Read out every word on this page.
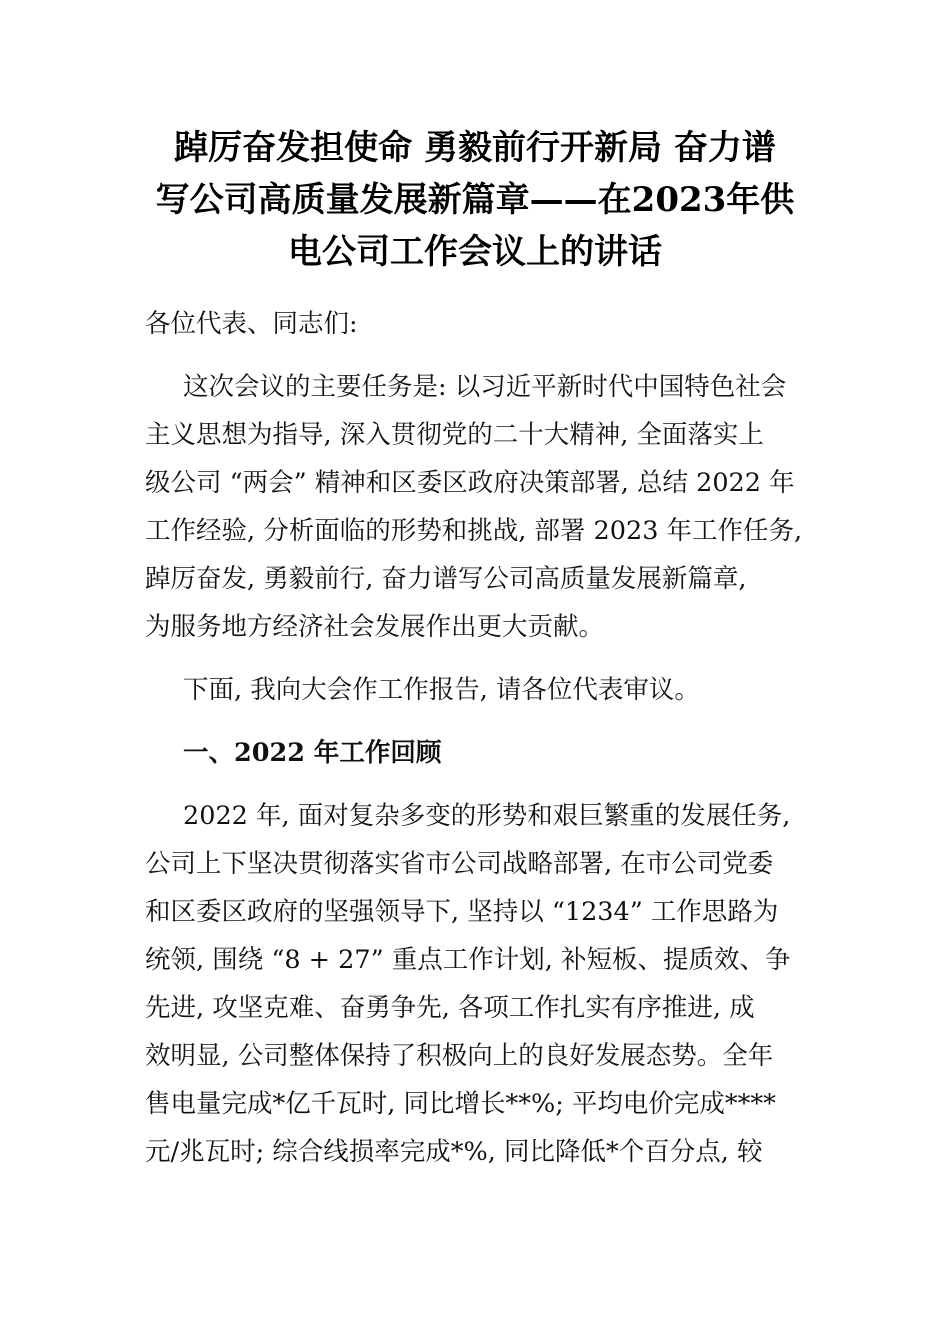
踔厉奋发担使命 勇毅前行开新局 奋力谱
写公司高质量发展新篇章——在2023年供
电公司工作会议上的讲话
各位代表、同志们:
这次会议的主要任务是: 以习近平新时代中国特色社会
主义思想为指导, 深入贯彻党的二十大精神, 全面落实上
级公司 “两会” 精神和区委区政府决策部署, 总结 2022 年
工作经验, 分析面临的形势和挑战, 部署 2023 年工作任务,
踔厉奋发, 勇毅前行, 奋力谱写公司高质量发展新篇章,
为服务地方经济社会发展作出更大贡献。
下面, 我向大会作工作报告, 请各位代表审议。
一、2022 年工作回顾
2022 年, 面对复杂多变的形势和艰巨繁重的发展任务,
公司上下坚决贯彻落实省市公司战略部署, 在市公司党委
和区委区政府的坚强领导下, 坚持以 “1234” 工作思路为
统领, 围绕 “8 + 27” 重点工作计划, 补短板、提质效、争
先进, 攻坚克难、奋勇争先, 各项工作扎实有序推进, 成
效明显, 公司整体保持了积极向上的良好发展态势。全年
售电量完成*亿千瓦时, 同比增长**%; 平均电价完成****
元/兆瓦时; 综合线损率完成*%, 同比降低*个百分点, 较
